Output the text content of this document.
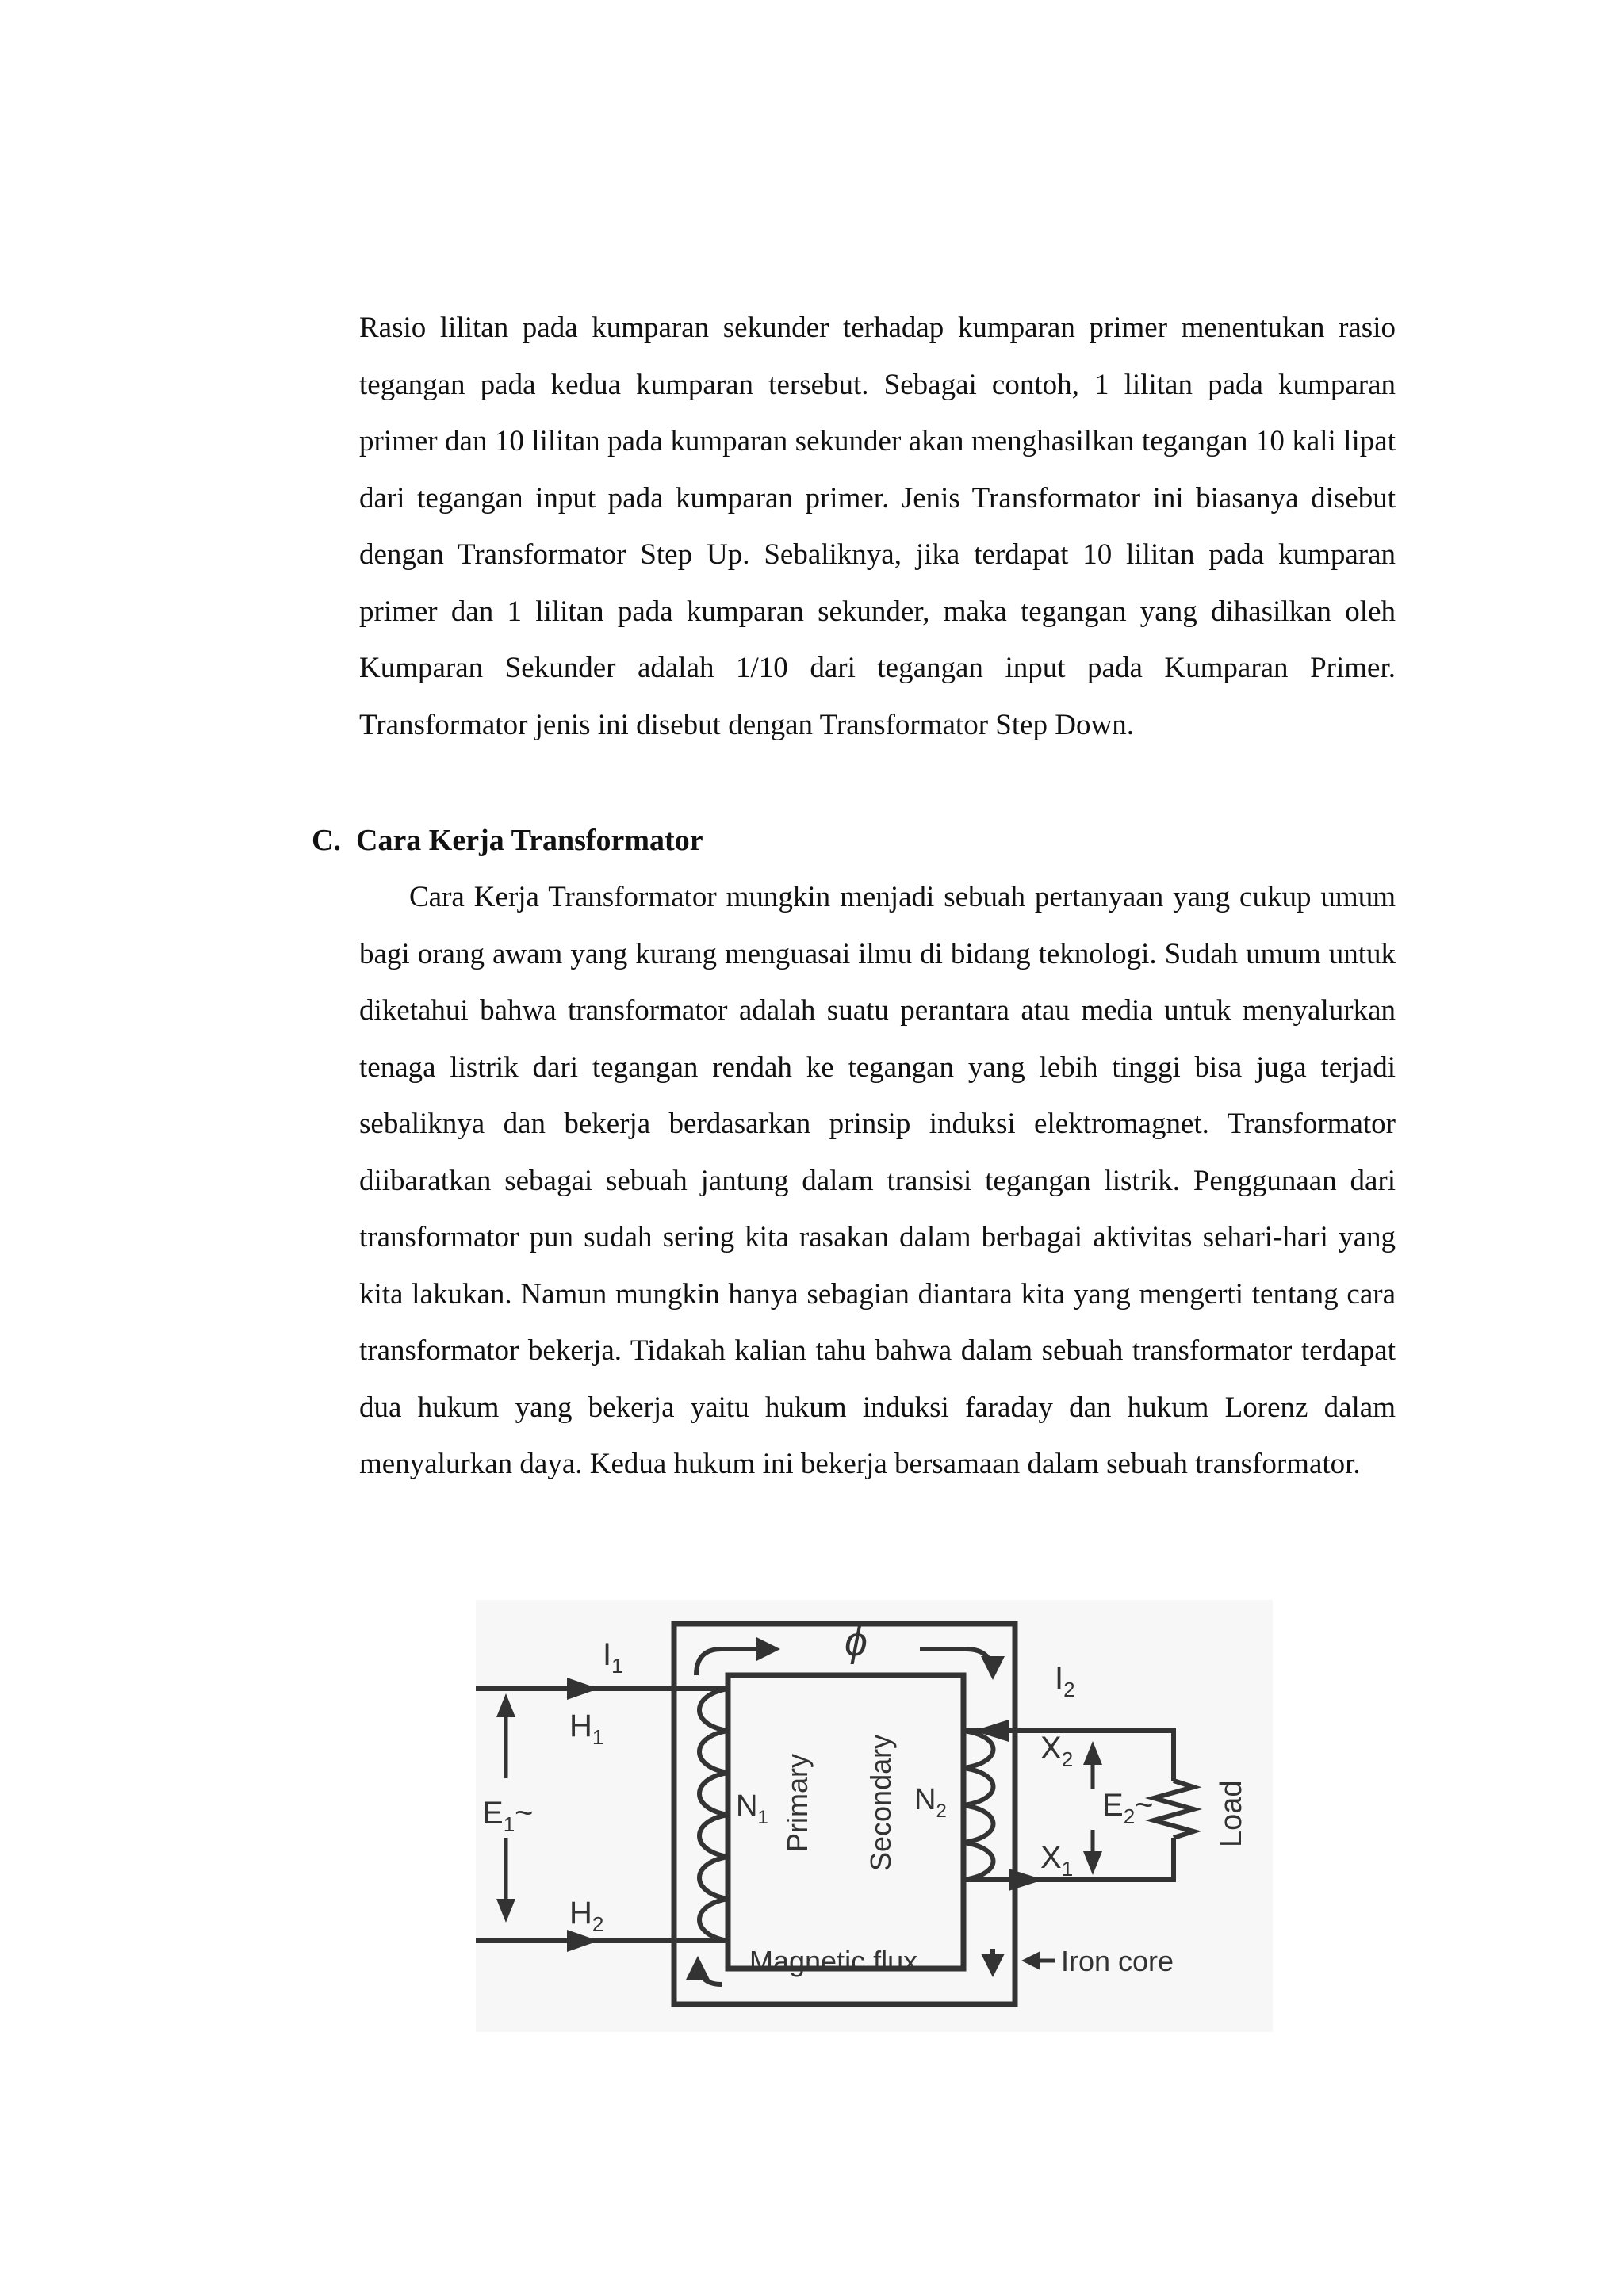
Rasio lilitan pada kumparan sekunder terhadap kumparan primer menentukan rasio tegangan pada kedua kumparan tersebut. Sebagai contoh, 1 lilitan pada kumparan primer dan 10 lilitan pada kumparan sekunder akan menghasilkan tegangan 10 kali lipat dari tegangan input pada kumparan primer. Jenis Transformator ini biasanya disebut dengan Transformator Step Up. Sebaliknya, jika terdapat 10 lilitan pada kumparan primer dan 1 lilitan pada kumparan sekunder, maka tegangan yang dihasilkan oleh Kumparan Sekunder adalah 1/10 dari tegangan input pada Kumparan Primer. Transformator jenis ini disebut dengan Transformator Step Down.

C. Cara Kerja Transformator

Cara Kerja Transformator mungkin menjadi sebuah pertanyaan yang cukup umum bagi orang awam yang kurang menguasai ilmu di bidang teknologi. Sudah umum untuk diketahui bahwa transformator adalah suatu perantara atau media untuk menyalurkan tenaga listrik dari tegangan rendah ke tegangan yang lebih tinggi bisa juga terjadi sebaliknya dan bekerja berdasarkan prinsip induksi elektromagnet. Transformator diibaratkan sebagai sebuah jantung dalam transisi tegangan listrik. Penggunaan dari transformator pun sudah sering kita rasakan dalam berbagai aktivitas sehari-hari yang kita lakukan. Namun mungkin hanya sebagian diantara kita yang mengerti tentang cara transformator bekerja. Tidakah kalian tahu bahwa dalam sebuah transformator terdapat dua hukum yang bekerja yaitu hukum induksi faraday dan hukum Lorenz dalam menyalurkan daya. Kedua hukum ini bekerja bersamaan dalam sebuah transformator.

ϕ
$I_1$
$H_1$
$H_2$
$E_1\sim$	$N_1$
$N_2$
Primary Secondary
$I_2$
$X_2$
$X_1$
$E_2\sim$ Load
Magnetic flux	Iron core
